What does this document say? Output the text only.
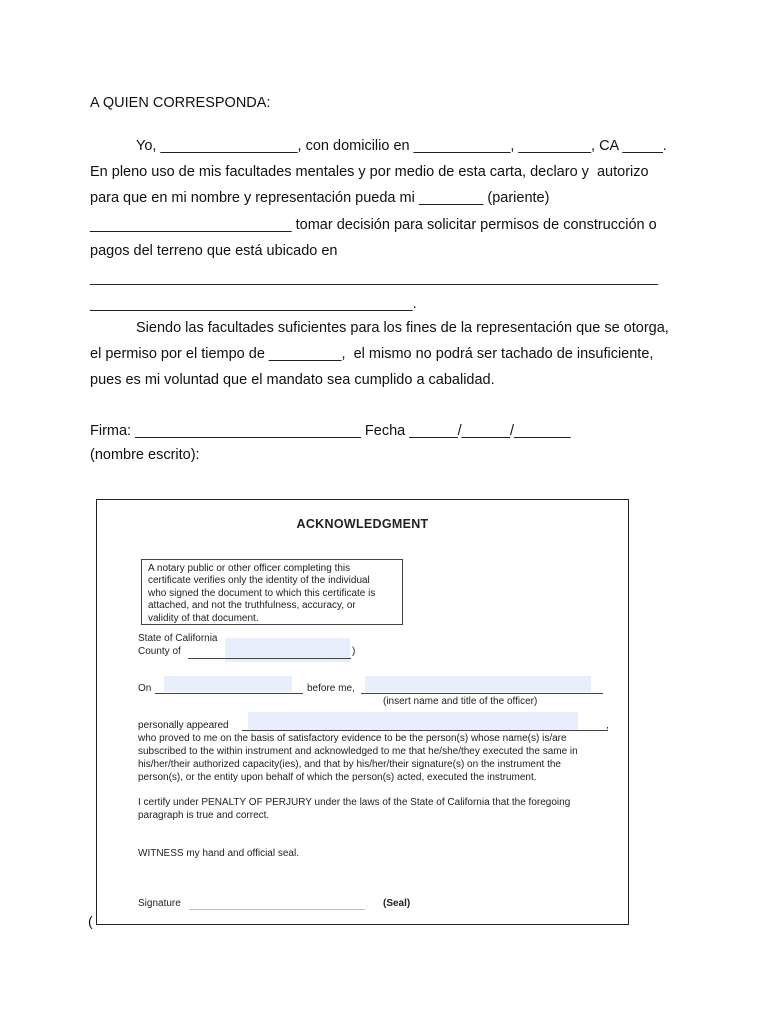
A QUIEN CORRESPONDA:
Yo, _________________, con domicilio en ____________, _________, CA _____.
En pleno uso de mis facultades mentales y por medio de esta carta, declaro y  autorizo
para que en mi nombre y representación pueda mi ________ (pariente)
_________________________ tomar decisión para solicitar permisos de construcción o
pagos del terreno que está ubicado en
________________________________________________________________________
________________________________________.
Siendo las facultades suficientes para los fines de la representación que se otorga,
el permiso por el tiempo de _________,  el mismo no podrá ser tachado de insuficiente,
pues es mi voluntad que el mandato sea cumplido a cabalidad.
Firma: ____________________________ Fecha ______/______/_______
(nombre escrito):
(
ACKNOWLEDGMENT
A notary public or other officer completing this
certificate verifies only the identity of the individual
who signed the document to which this certificate is
attached, and not the truthfulness, accuracy, or
validity of that document.
State of California
County of	)
On	before me,
(insert name and title of the officer)
personally appeared	,
who proved to me on the basis of satisfactory evidence to be the person(s) whose name(s) is/are
subscribed to the within instrument and acknowledged to me that he/she/they executed the same in
his/her/their authorized capacity(ies), and that by his/her/their signature(s) on the instrument the
person(s), or the entity upon behalf of which the person(s) acted, executed the instrument.
I certify under PENALTY OF PERJURY under the laws of the State of California that the foregoing
paragraph is true and correct.
WITNESS my hand and official seal.
Signature	(Seal)
